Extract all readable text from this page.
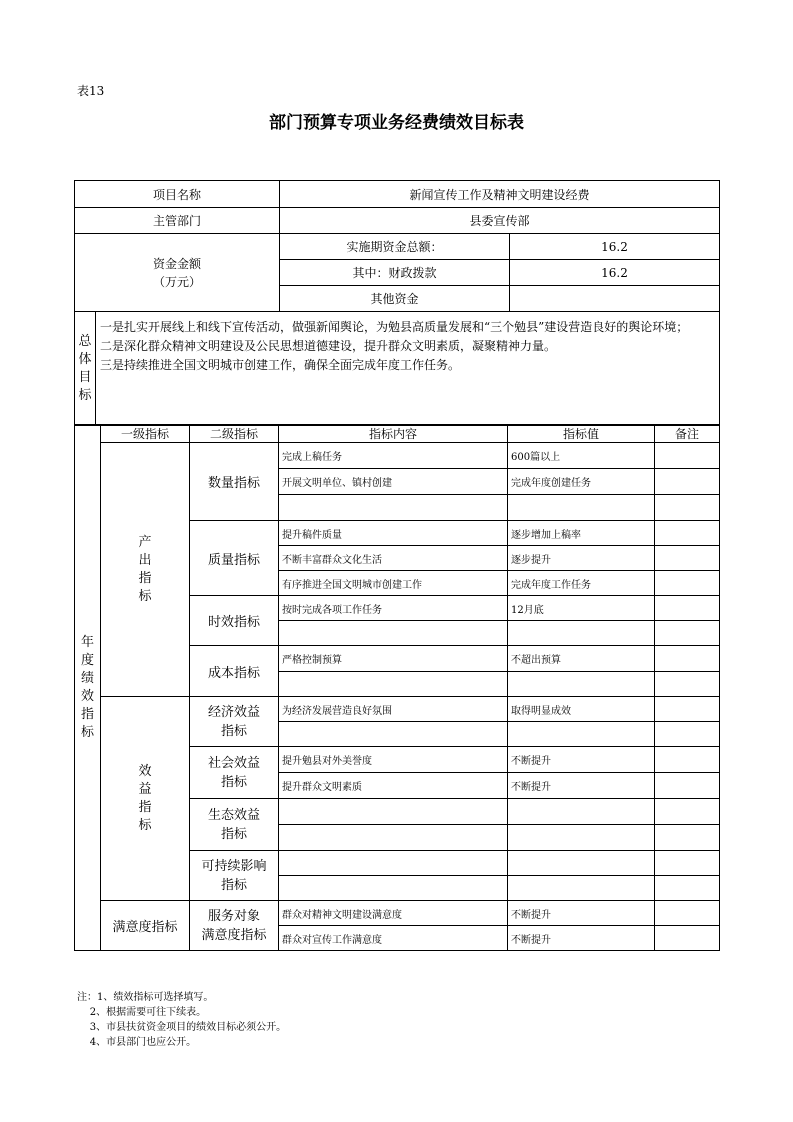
表13
部门预算专项业务经费绩效目标表
项目名称	新闻宣传工作及精神文明建设经费	
主管部门	县委宣传部	
资金金额
（万元）	实施期资金总额：	16.2
	其中：财政拨款	16.2
	其他资金	

总体目标
一是扎实开展线上和线下宣传活动，做强新闻舆论，为勉县高质量发展和“三个勉县”建设营造良好的舆论环境；
二是深化群众精神文明建设及公民思想道德建设，提升群众文明素质，凝聚精神力量。
三是持续推进全国文明城市创建工作，确保全面完成年度工作任务。		
年度绩效指标	一级指标	二级指标	指标内容	指标值	备注
	产出指标	数量指标	完成上稿任务	600篇以上	
			开展文明单位、镇村创建	完成年度创建任务	

		质量指标	提升稿件质量	逐步增加上稿率	
			不断丰富群众文化生活	逐步提升	
			有序推进全国文明城市创建工作	完成年度工作任务	
		时效指标	按时完成各项工作任务	12月底	

		成本指标	严格控制预算	不超出预算	

	效益指标	经济效益
指标	为经济发展营造良好氛围	取得明显成效	

		社会效益
指标	提升勉县对外美誉度	不断提升	
			提升群众文明素质	不断提升	
		生态效益
指标			

		可持续影响
指标			

	满意度指标	服务对象
满意度指标	群众对精神文明建设满意度	不断提升	
			群众对宣传工作满意度	不断提升	
注：1、绩效指标可选择填写。
2、根据需要可往下续表。
3、市县扶贫资金项目的绩效目标必须公开。
4、市县部门也应公开。
